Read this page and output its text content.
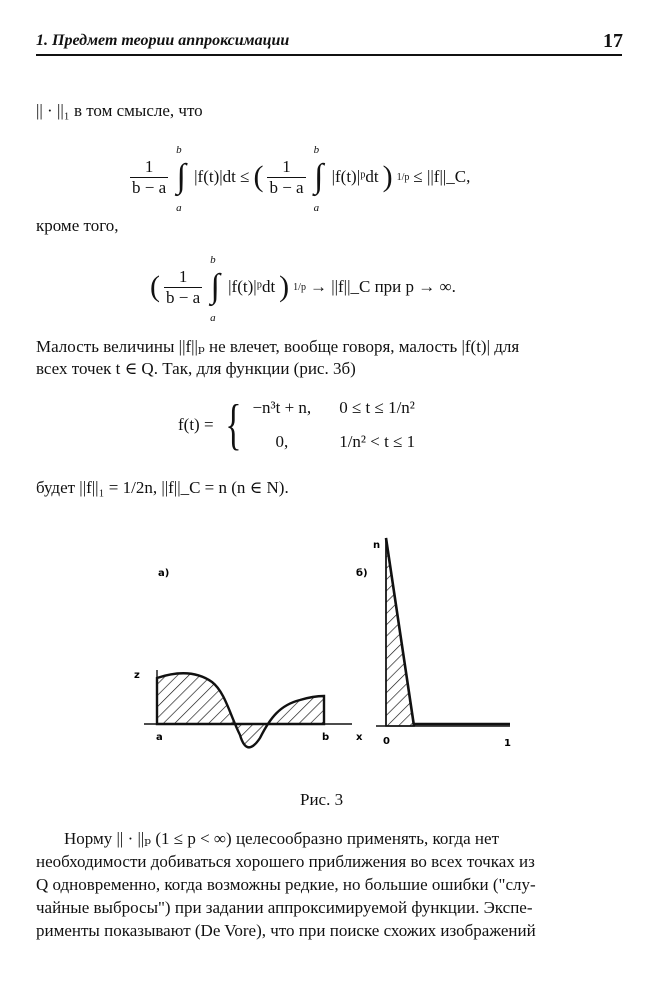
1. Предмет теории аппроксимации	17
|| · ||₁ в том смысле, что
$\frac{1}{b - a}$
b
∫
a
|f(t)|dt ≤ ( $\frac{1}{b - a}$
b
∫
a
|f(t)|ᵖdt ) 1/p ≤ ||f||_C,
кроме того,
( $\frac{1}{b - a}$
b
∫
a
|f(t)|ᵖdt ) 1/p → ||f||_C при p → ∞.
Малость величины ||f||ₚ не влечет, вообще говоря, малость |f(t)| для
всех точек t ∈ Q. Так, для функции (рис. 3б)
f(t) = { −n³t + n, 0 ≤ t ≤ 1/n²
0,	1/n² < t ≤ 1
будет ||f||₁ = 1/2n, ||f||_C = n (n ∈ N).
а)
z
a	b	x
б)
n
0	1
Рис. 3
Норму || · ||ₚ (1 ≤ p < ∞) целесообразно применять, когда нет
необходимости добиваться хорошего приближения во всех точках из
Q одновременно, когда возможны редкие, но большие ошибки ("слу-
чайные выбросы") при задании аппроксимируемой функции. Экспе-
рименты показывают (De Vore), что при поиске схожих изображений
